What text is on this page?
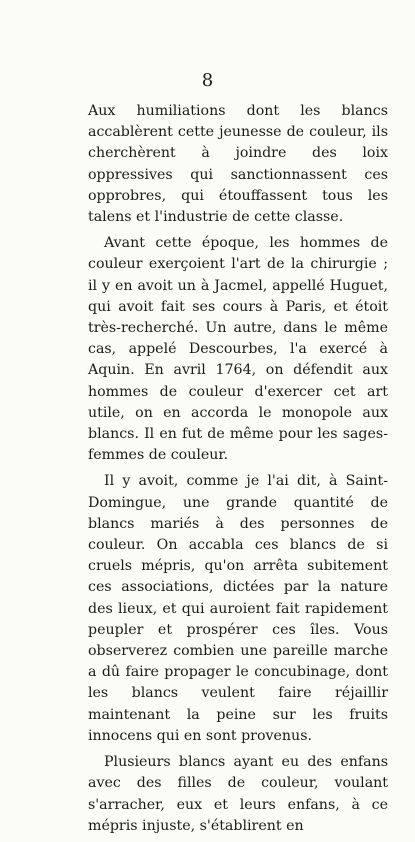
8

Aux humiliations dont les blancs accablèrent cette jeunesse de couleur, ils cherchèrent à joindre des loix oppressives qui sanctionnassent ces opprobres, qui étouffassent tous les talens et l'industrie de cette classe.

Avant cette époque, les hommes de couleur exerçoient l'art de la chirurgie ; il y en avoit un à Jacmel, appellé Huguet, qui avoit fait ses cours à Paris, et étoit très-recherché. Un autre, dans le même cas, appelé Descourbes, l'a exercé à Aquin. En avril 1764, on défendit aux hommes de couleur d'exercer cet art utile, on en accorda le monopole aux blancs. Il en fut de même pour les sages-femmes de couleur.

Il y avoit, comme je l'ai dit, à Saint-Domingue, une grande quantité de blancs mariés à des personnes de couleur. On accabla ces blancs de si cruels mépris, qu'on arrêta subitement ces associations, dictées par la nature des lieux, et qui auroient fait rapidement peupler et prospérer ces îles. Vous observerez combien une pareille marche a dû faire propager le concubinage, dont les blancs veulent faire réjaillir maintenant la peine sur les fruits innocens qui en sont provenus.

Plusieurs blancs ayant eu des enfans avec des filles de couleur, voulant s'arracher, eux et leurs enfans, à ce mépris injuste, s'établirent en
